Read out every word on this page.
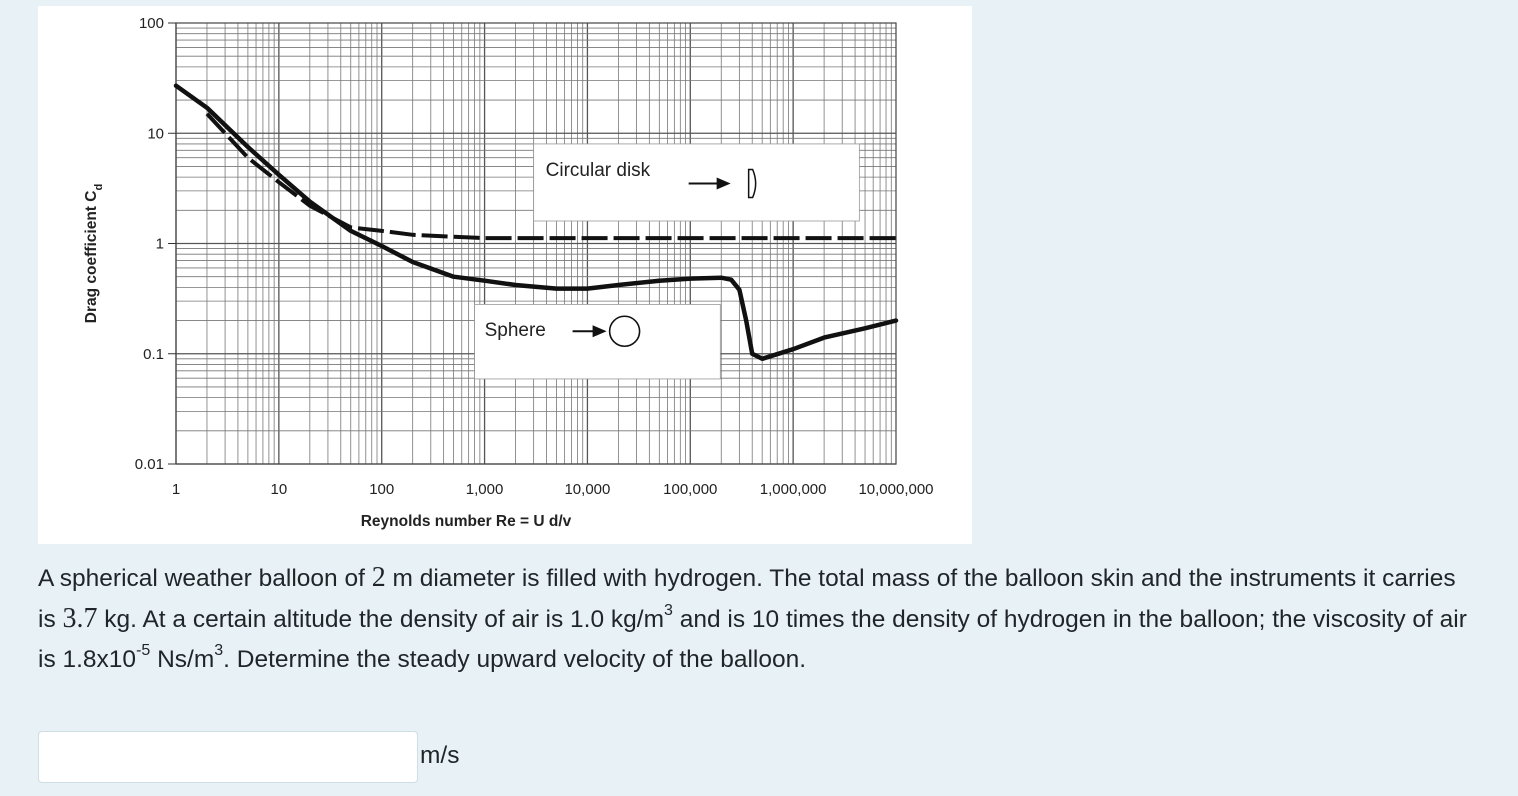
0.01
0.1
1
10
100
1	10	100	1,000	10,000	100,000	1,000,000 10,000,000
Reynolds number Re = U d/v
Drag coefficient $C_d$
Circular disk
Sphere

A spherical weather balloon of 2 m diameter is filled with hydrogen. The total mass of the balloon skin and the instruments it carries is 3.7 kg. At a certain altitude the density of air is 1.0 $kg/m^3$ and is 10 times the density of hydrogen in the balloon; the viscosity of air is $1.8x10^{-5}$ $Ns/m^3$. Determine the steady upward velocity of the balloon.

m/s
